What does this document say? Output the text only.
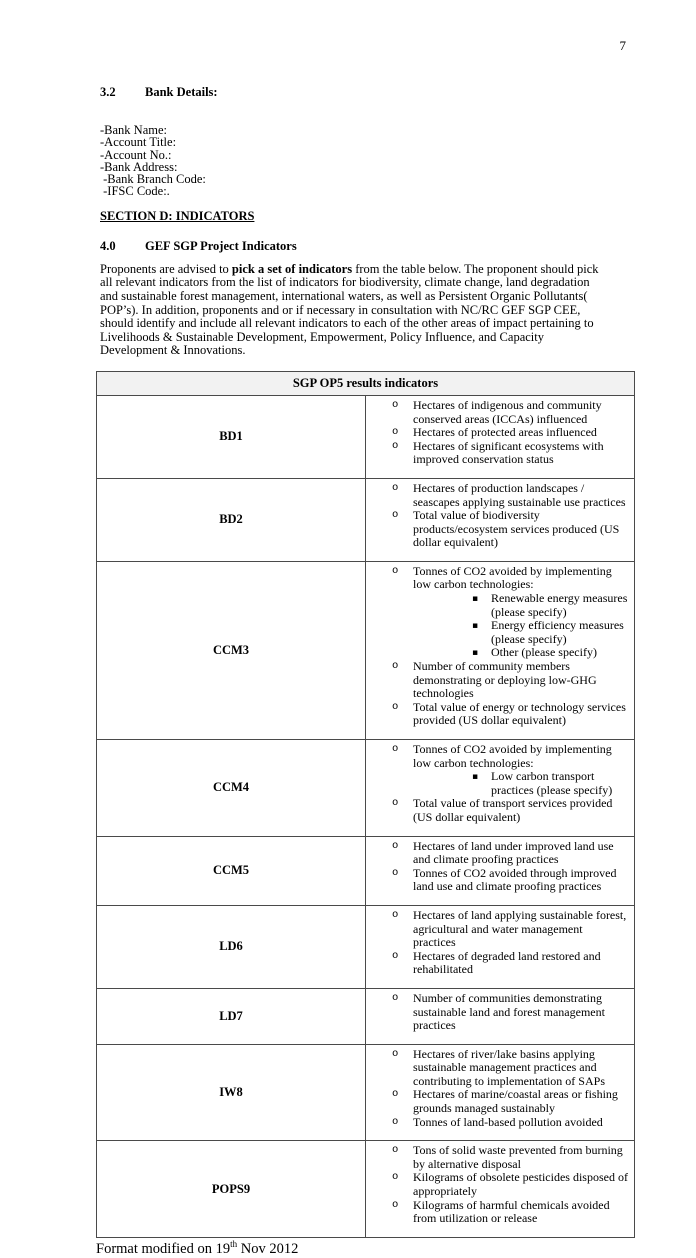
7
3.2 Bank Details:
-Bank Name:
-Account Title:
-Account No.:
-Bank Address:
-Bank Branch Code:
-IFSC Code:.
SECTION D: INDICATORS
4.0 GEF SGP Project Indicators
Proponents are advised to pick a set of indicators from the table below. The proponent should pick all relevant indicators from the list of indicators for biodiversity, climate change, land degradation and sustainable forest management, international waters, as well as Persistent Organic Pollutants( POP’s). In addition, proponents and or if necessary in consultation with NC/RC GEF SGP CEE, should identify and include all relevant indicators to each of the other areas of impact pertaining to Livelihoods & Sustainable Development, Empowerment, Policy Influence, and Capacity Development & Innovations.
SGP OP5 results indicators	
BD1	
o Hectares of indigenous and community conserved areas (ICCAs) influenced
o Hectares of protected areas influenced
o Hectares of significant ecosystems with improved conservation status

BD2	o Hectares of production landscapes / seascapes applying sustainable use practices
o Total value of biodiversity products/ecosystem services produced (US dollar equivalent)

CCM3	
o Tonnes of CO2 avoided by implementing low carbon technologies:
▪ Renewable energy measures (please specify)
▪ Energy efficiency measures (please specify)
▪ Other (please specify)
o Number of community members demonstrating or deploying low-GHG technologies
o Total value of energy or technology services provided (US dollar equivalent)

CCM4	
o Tonnes of CO2 avoided by implementing low carbon technologies:
▪ Low carbon transport practices (please specify)
o Total value of transport services provided (US dollar equivalent)

CCM5	o Hectares of land under improved land use and climate proofing practices
o Tonnes of CO2 avoided through improved land use and climate proofing practices

LD6	o Hectares of land applying sustainable forest, agricultural and water management practices
o Hectares of degraded land restored and rehabilitated

LD7	o Number of communities demonstrating sustainable land and forest management practices

IW8	
o Hectares of river/lake basins applying sustainable management practices and contributing to implementation of SAPs
o Hectares of marine/coastal areas or fishing grounds managed sustainably
o Tonnes of land-based pollution avoided

POPS9	
o Tons of solid waste prevented from burning by alternative disposal
o Kilograms of obsolete pesticides disposed of appropriately
o Kilograms of harmful chemicals avoided from utilization or release
Format modified on 19th Nov 2012
